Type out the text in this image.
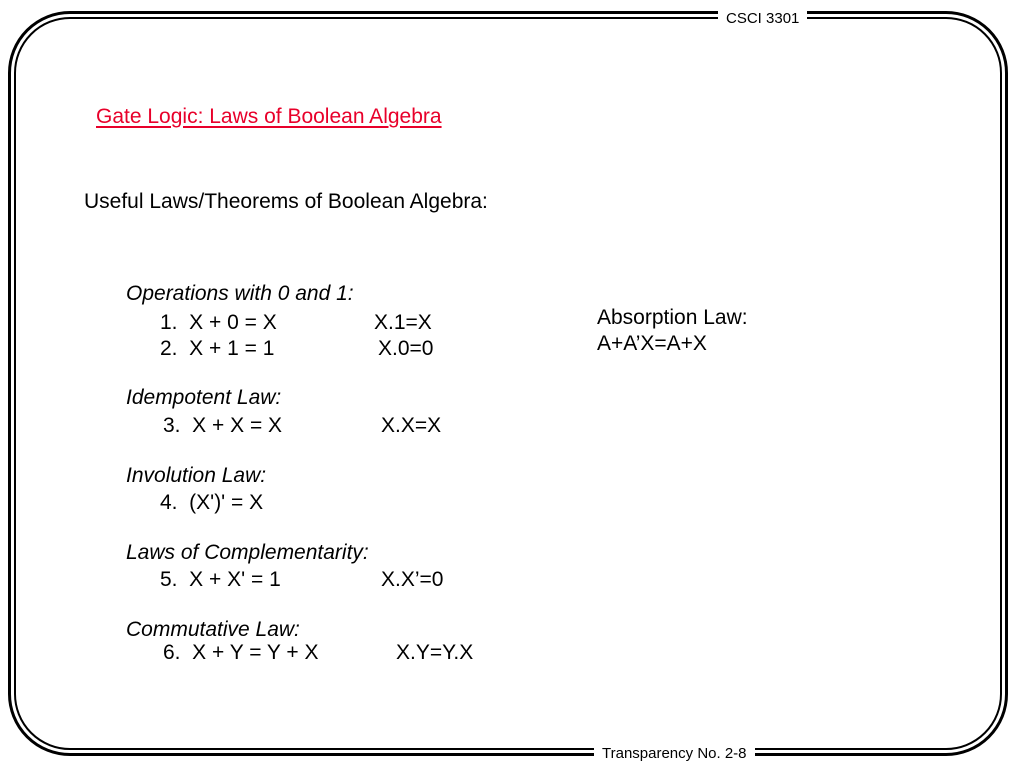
CSCI 3301
Transparency No. 2-8
Gate Logic: Laws of Boolean Algebra
Useful Laws/Theorems of Boolean Algebra:
Operations with 0 and 1:
1.  X + 0 = X	X.1=X
2.  X + 1 = 1	X.0=0
Idempotent Law:
3.  X + X = X	X.X=X
Involution Law:
4.  (X')' = X
Laws of Complementarity:
5.  X + X' = 1	X.X’=0
Commutative Law:
6.  X + Y = Y + X	X.Y=Y.X
Absorption Law:
A+A’X=A+X
